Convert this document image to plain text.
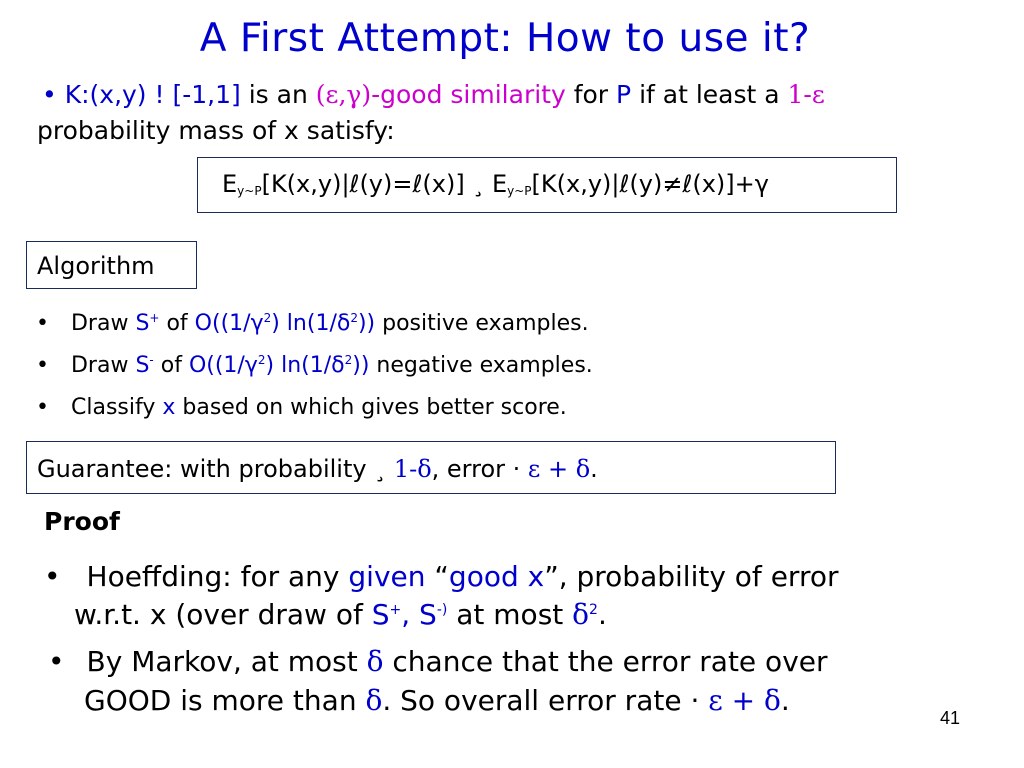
A First Attempt: How to use it?
• K:(x,y) ! [-1,1] is an (ε,γ)-good similarity for P if at least a 1-ε
probability mass of x satisfy:
$E_{y\sim P}[K(x,y)|\ell(y)=\ell(x)]$ ¸ $E_{y\sim P}[K(x,y)|\ell(y)\ne\ell(x)]+\gamma$
Algorithm
• Draw S+ of $O((1/\gamma^2)$ $\ln(1/\delta^2)$) positive examples.
• Draw S- of $O((1/\gamma^2)$ $\ln(1/\delta^2)$) negative examples.
• Classify x based on which gives better score.
Guarantee: with probability ¸ 1-δ, error · ε + δ.
Proof
• Hoeffding: for any given “good x”, probability of error
w.r.t. x (over draw of S+, S-) at most $\delta^2$.
• By Markov, at most δ chance that the error rate over
GOOD is more than δ. So overall error rate · ε + δ.
41
